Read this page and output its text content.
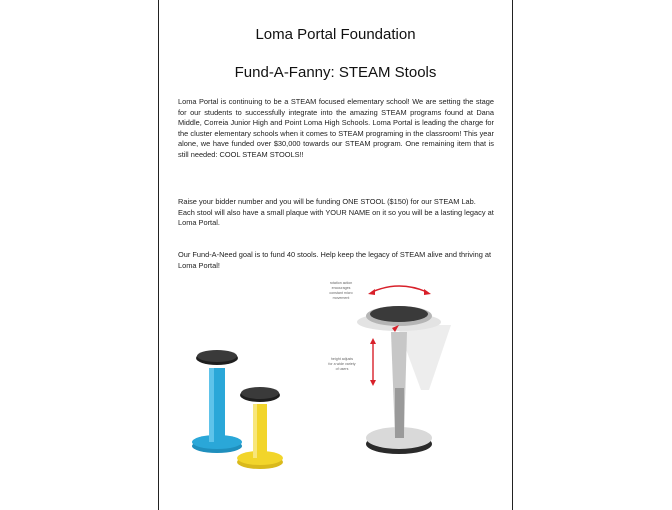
Loma Portal Foundation
Fund-A-Fanny: STEAM Stools
Loma Portal is continuing to be a STEAM focused elementary school! We are setting the stage for our students to successfully integrate into the amazing STEAM programs found at Dana Middle, Correia Junior High and Point Loma High Schools. Loma Portal is leading the charge for the cluster elementary schools when it comes to STEAM programing in the classroom! This year alone, we have funded over $30,000 towards our STEAM program. One remaining item that is still needed: COOL STEAM STOOLS!!
Raise your bidder number and you will be funding ONE STOOL ($150) for our STEAM Lab. Each stool will also have a small plaque with YOUR NAME on it so you will be a lasting legacy at Loma Portal.
Our Fund-A-Need goal is to fund 40 stools. Help keep the legacy of STEAM alive and thriving at Loma Portal!
rotation action
encourages
constant micro
movement
height adjusts
for a wide variety
of users
